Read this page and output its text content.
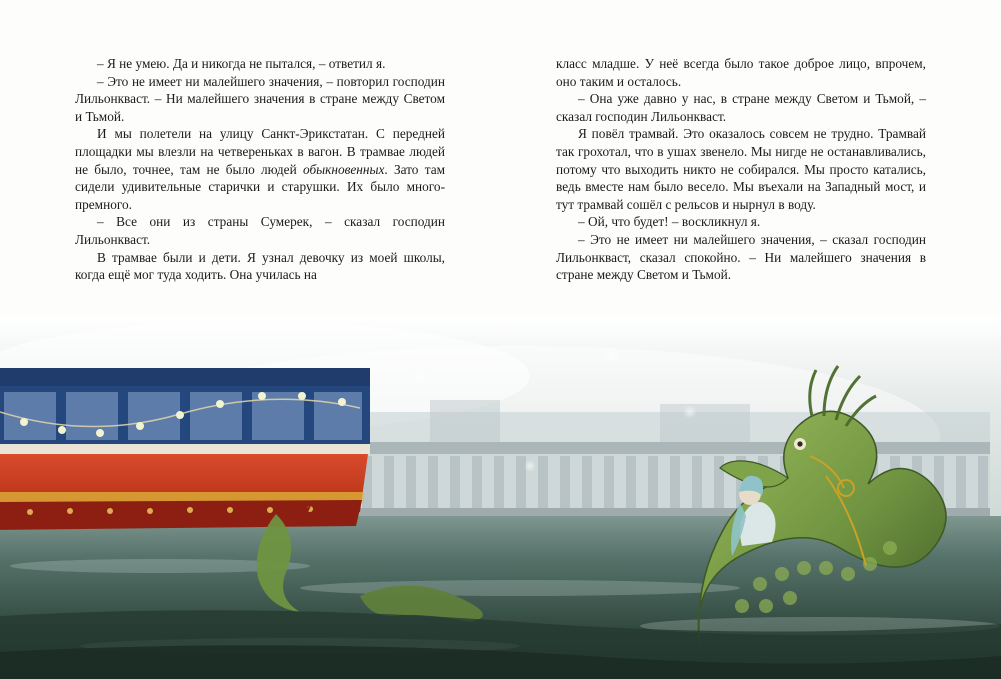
– Я не умею. Да и никогда не пытался, – ответил я.

– Это не имеет ни малейшего значения, – повторил господин Лильонкваст. – Ни малейшего значения в стране между Светом и Тьмой.

И мы полетели на улицу Санкт-Эрикстатан. С передней площадки мы влезли на четвереньках в вагон. В трамвае людей не было, точнее, там не было людей обыкновенных. Зато там сидели удивительные старички и старушки. Их было много-премного.

– Все они из страны Сумерек, – сказал господин Лильонкваст.

В трамвае были и дети. Я узнал девочку из моей школы, когда ещё мог туда ходить. Она училась на

класс младше. У неё всегда было такое доброе лицо, впрочем, оно таким и осталось.

– Она уже давно у нас, в стране между Светом и Тьмой, – сказал господин Лильонкваст.

Я повёл трамвай. Это оказалось совсем не трудно. Трамвай так грохотал, что в ушах звенело. Мы нигде не останавливались, потому что выходить никто не собирался. Мы просто катались, ведь вместе нам было весело. Мы въехали на Западный мост, и тут трамвай сошёл с рельсов и нырнул в воду.

– Ой, что будет! – воскликнул я.

– Это не имеет ни малейшего значения, – сказал господин Лильонкваст, сказал спокойно. – Ни малейшего значения в стране между Светом и Тьмой.
